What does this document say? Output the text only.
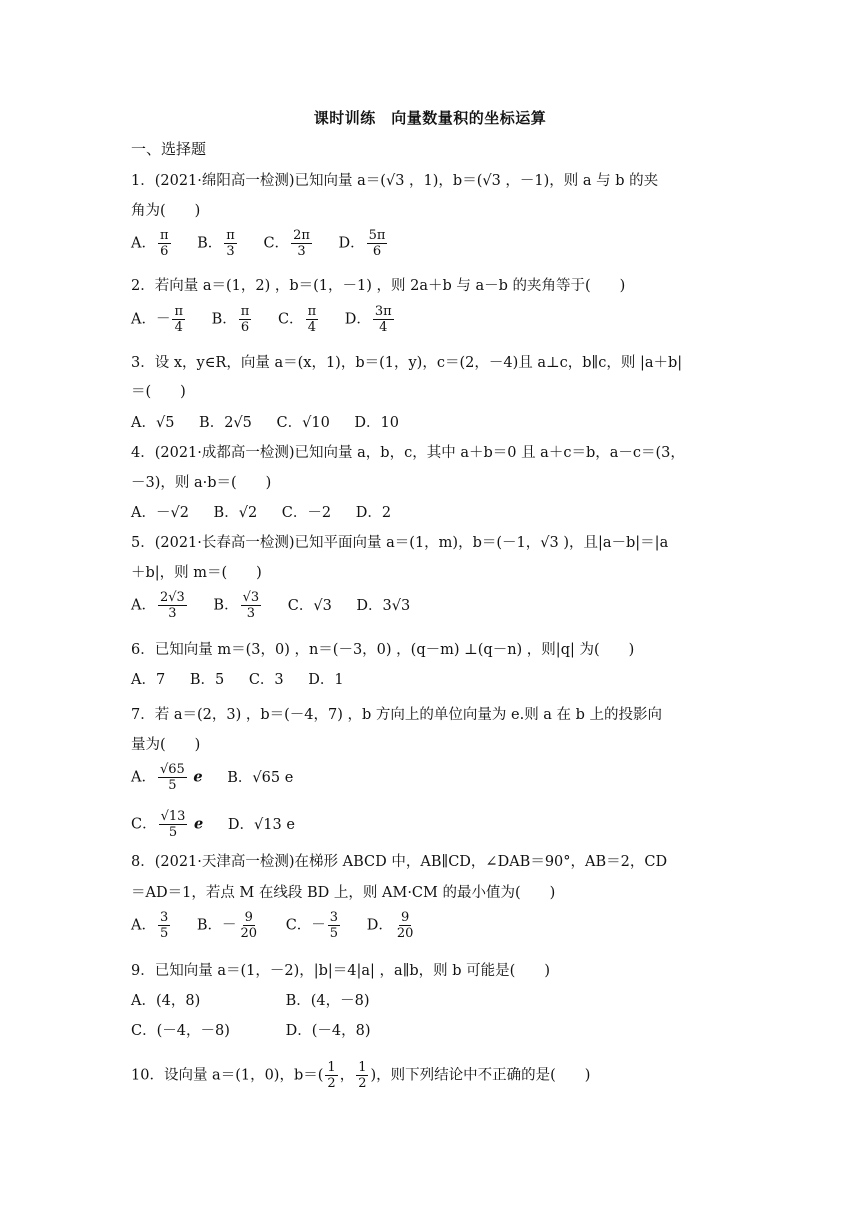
课时训练　向量数量积的坐标运算
一、选择题
1．(2021·绵阳高一检测)已知向量 a＝(√3 ，1)，b＝(√3 ，－1)，则 a 与 b 的夹
角为(　　)
A． $\frac{\pi}{6}$ B． $\frac{\pi}{3}$ C． $\frac{2\pi}{3}$ D． $\frac{5\pi}{6}$
2．若向量 a＝(1，2) ，b＝(1，－1) ，则 2a＋b 与 a－b 的夹角等于(　　)
A．－ $\frac{\pi}{4}$ B． $\frac{\pi}{6}$ C． $\frac{\pi}{4}$ D． $\frac{3\pi}{4}$
3．设 x，y∈R，向量 a＝(x，1)，b＝(1，y)，c＝(2，－4)且 a⊥c，b∥c，则 |a＋b|
＝(　　)
A．√5 B．2√5 C．√10 D．10
4．(2021·成都高一检测)已知向量 a，b，c，其中 a＋b＝0 且 a＋c＝b，a－c＝(3，
－3)，则 a·b＝(　　)
A．－√2 B．√2 C．－2 D．2
5．(2021·长春高一检测)已知平面向量 a＝(1，m)，b＝(－1，√3 )，且|a－b|＝|a
＋b|，则 m＝(　　)
A． $\frac{2√3}{3}$ B． $\frac{√3}{3}$ C．√3 D．3√3
6．已知向量 m＝(3，0) ，n＝(－3，0) ，(q－m) ⊥(q－n) ，则|q| 为(　　)
A．7 B．5 C．3 D．1
7．若 a＝(2，3) ，b＝(－4，7) ，b 方向上的单位向量为 e.则 a 在 b 上的投影向
量为(　　)
A． $\frac{√65}{5}$ e B．√65 e
C． $\frac{√13}{5}$ e D．√13 e
8．(2021·天津高一检测)在梯形 ABCD 中，AB∥CD，∠DAB＝90°，AB＝2，CD
＝AD＝1，若点 M 在线段 BD 上，则 AM·CM 的最小值为(　　)
A． $\frac{3}{5}$ B．－ $\frac{9}{20}$ C．－ $\frac{3}{5}$ D． $\frac{9}{20}$
9．已知向量 a＝(1，－2)，|b|＝4|a| ，a∥b，则 b 可能是(　　)
A．(4，8)	B．(4，－8)
C．(－4，－8)	D．(－4，8)
10．设向量 a＝(1，0)，$b=( \frac{1}{2}$ ， $\frac{1}{2}$ )，则下列结论中不正确的是(　　)
